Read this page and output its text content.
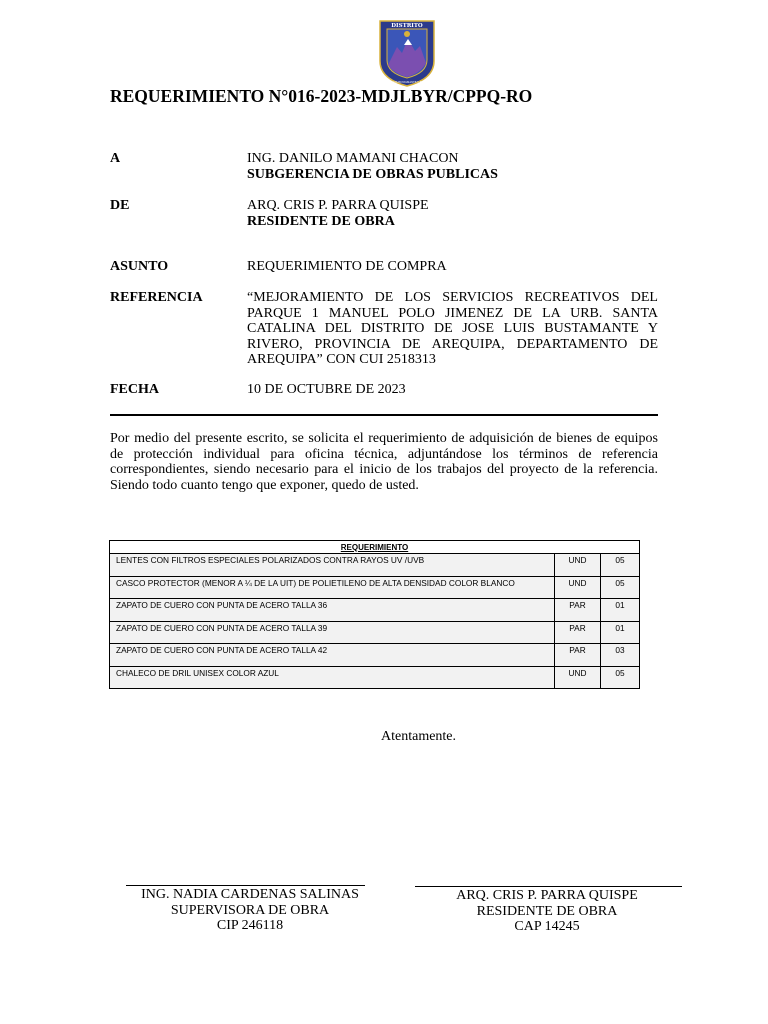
DISTRITO
JOSE LUIS BUSTAMANTE Y RIVERO
REQUERIMIENTO N°016-2023-MDJLBYR/CPPQ-RO
A	ING. DANILO MAMANI CHACON
SUBGERENCIA DE OBRAS PUBLICAS
DE	ARQ. CRIS P. PARRA QUISPE
RESIDENTE DE OBRA
ASUNTO	REQUERIMIENTO DE COMPRA
REFERENCIA	“MEJORAMIENTO DE LOS SERVICIOS RECREATIVOS DEL
PARQUE 1 MANUEL POLO JIMENEZ DE LA URB. SANTA
CATALINA DEL DISTRITO DE JOSE LUIS BUSTAMANTE Y
RIVERO, PROVINCIA DE AREQUIPA, DEPARTAMENTO DE
AREQUIPA” CON CUI 2518313
FECHA	10 DE OCTUBRE DE 2023
Por medio del presente escrito, se solicita el requerimiento de adquisición de bienes de equipos de protección individual para oficina técnica, adjuntándose los términos de referencia correspondientes, siendo necesario para el inicio de los trabajos del proyecto de la referencia. Siendo todo cuanto tengo que exponer, quedo de usted.
REQUERIMIENTO		
LENTES CON FILTROS ESPECIALES POLARIZADOS CONTRA RAYOS UV /UVB	UND	05
CASCO PROTECTOR (MENOR A ¼ DE LA UIT) DE POLIETILENO DE ALTA DENSIDAD COLOR BLANCO	UND	05
ZAPATO DE CUERO CON PUNTA DE ACERO TALLA 36	PAR	01
ZAPATO DE CUERO CON PUNTA DE ACERO TALLA 39	PAR	01
ZAPATO DE CUERO CON PUNTA DE ACERO TALLA 42	PAR	03
CHALECO DE DRIL UNISEX COLOR AZUL	UND	05
Atentamente.
ING. NADIA CARDENAS SALINAS
SUPERVISORA DE OBRA
CIP 246118
ARQ. CRIS P. PARRA QUISPE
RESIDENTE DE OBRA
CAP 14245
